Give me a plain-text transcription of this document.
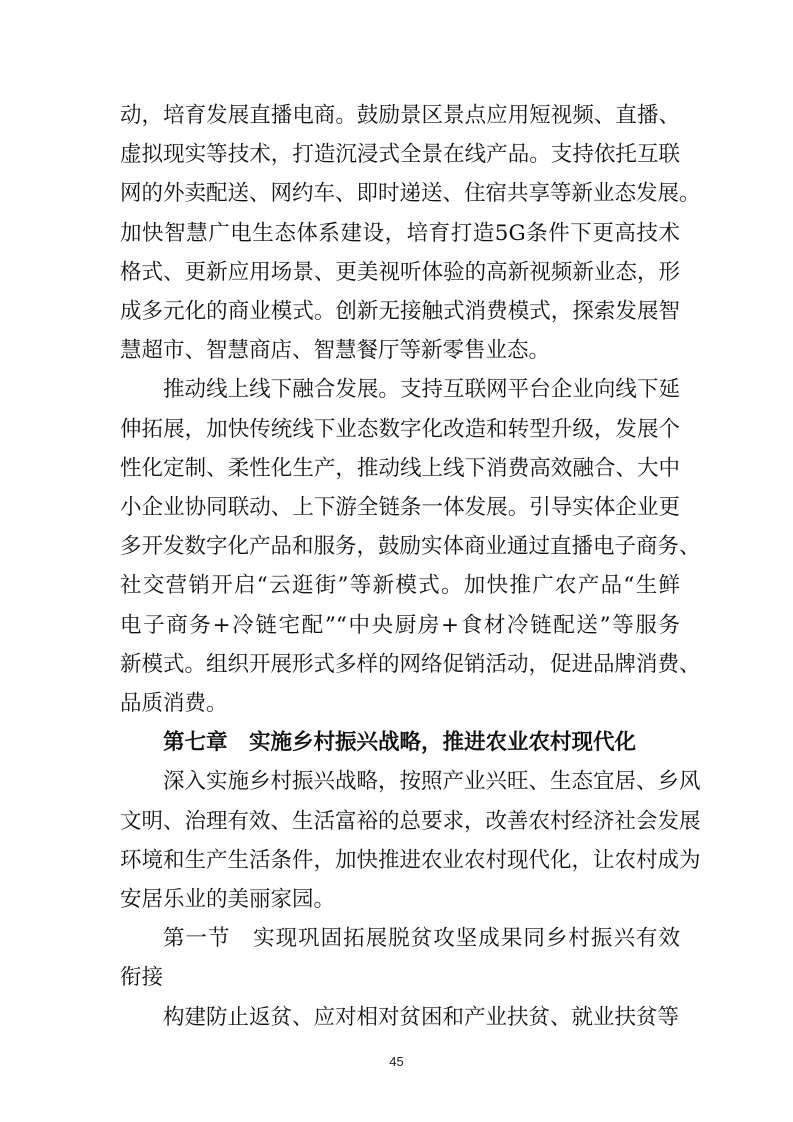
动，培育发展直播电商。鼓励景区景点应用短视频、直播、
虚拟现实等技术，打造沉浸式全景在线产品。支持依托互联
网的外卖配送、网约车、即时递送、住宿共享等新业态发展。
加快智慧广电生态体系建设，培育打造5G条件下更高技术
格式、更新应用场景、更美视听体验的高新视频新业态，形
成多元化的商业模式。创新无接触式消费模式，探索发展智
慧超市、智慧商店、智慧餐厅等新零售业态。
推动线上线下融合发展。支持互联网平台企业向线下延
伸拓展，加快传统线下业态数字化改造和转型升级，发展个
性化定制、柔性化生产，推动线上线下消费高效融合、大中
小企业协同联动、上下游全链条一体发展。引导实体企业更
多开发数字化产品和服务，鼓励实体商业通过直播电子商务、
社交营销开启“云逛街”等新模式。加快推广农产品“生鲜
电子商务+冷链宅配”“中央厨房+食材冷链配送”等服务
新模式。组织开展形式多样的网络促销活动，促进品牌消费、
品质消费。
第七章　实施乡村振兴战略，推进农业农村现代化
深入实施乡村振兴战略，按照产业兴旺、生态宜居、乡风
文明、治理有效、生活富裕的总要求，改善农村经济社会发展
环境和生产生活条件，加快推进农业农村现代化，让农村成为
安居乐业的美丽家园。
第一节　实现巩固拓展脱贫攻坚成果同乡村振兴有效
衔接
构建防止返贫、应对相对贫困和产业扶贫、就业扶贫等
45
